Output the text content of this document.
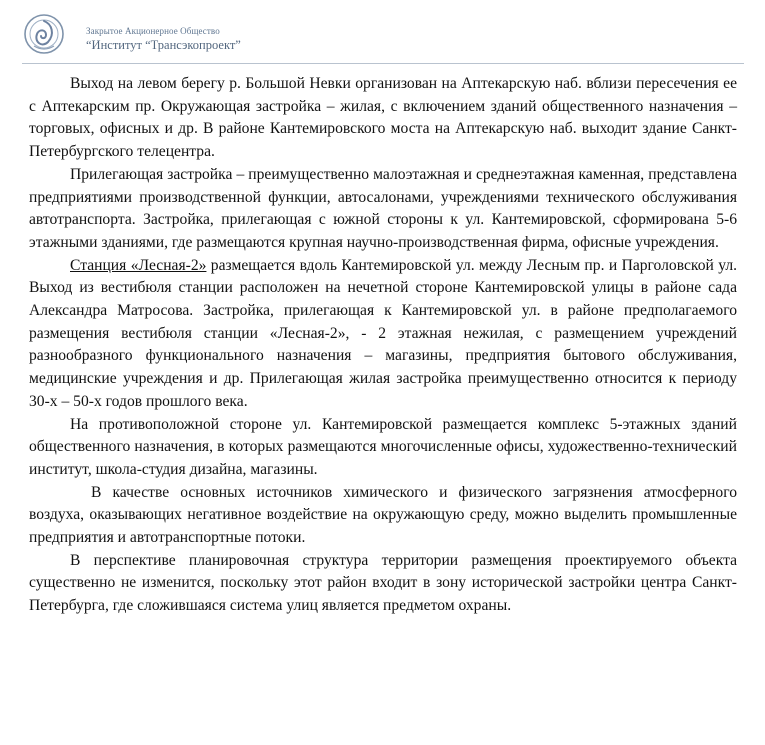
Закрытое Акционерное Общество
“Институт “Трансэкопроект”

Выход на левом берегу р. Большой Невки организован на Аптекарскую наб. вблизи пересечения ее с Аптекарским пр. Окружающая застройка – жилая, с включением зданий общественного назначения – торговых, офисных и др. В районе Кантемировского моста на Аптекарскую наб. выходит здание Санкт-Петербургского телецентра.

Прилегающая застройка – преимущественно малоэтажная и среднеэтажная каменная, представлена предприятиями производственной функции, автосалонами, учреждениями технического обслуживания автотранспорта. Застройка, прилегающая с южной стороны к ул. Кантемировской, сформирована 5-6 этажными зданиями, где размещаются крупная научно-производственная фирма, офисные учреждения.

Станция «Лесная-2» размещается вдоль Кантемировской ул. между Лесным пр. и Парголовской ул. Выход из вестибюля станции расположен на нечетной стороне Кантемировской улицы в районе сада Александра Матросова. Застройка, прилегающая к Кантемировской ул. в районе предполагаемого размещения вестибюля станции «Лесная-2», - 2 этажная нежилая, с размещением учреждений разнообразного функционального назначения – магазины, предприятия бытового обслуживания, медицинские учреждения и др. Прилегающая жилая застройка преимущественно относится к периоду 30-х – 50-х годов прошлого века.

На противоположной стороне ул. Кантемировской размещается комплекс 5-этажных зданий общественного назначения, в которых размещаются многочисленные офисы, художественно-технический институт, школа-студия дизайна, магазины.

В качестве основных источников химического и физического загрязнения атмосферного воздуха, оказывающих негативное воздействие на окружающую среду, можно выделить промышленные предприятия и автотранспортные потоки.

В перспективе планировочная структура территории размещения проектируемого объекта существенно не изменится, поскольку этот район входит в зону исторической застройки центра Санкт-Петербурга, где сложившаяся система улиц является предметом охраны.
